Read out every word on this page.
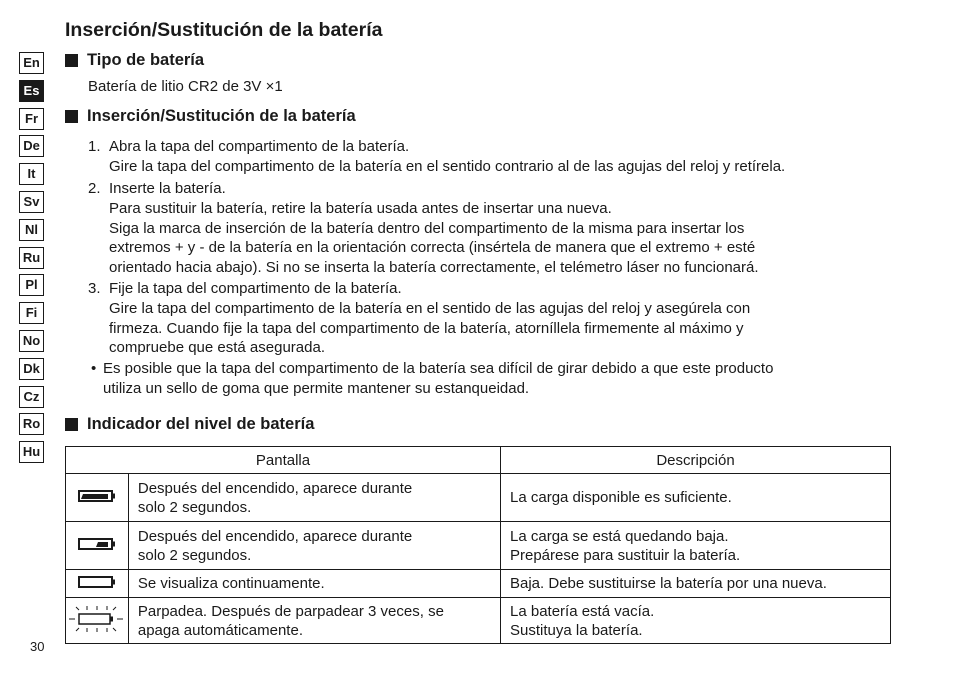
En
Es
Fr
De
It
Sv
Nl
Ru
Pl
Fi
No
Dk
Cz
Ro
Hu
Inserción/Sustitución de la batería
Tipo de batería

Batería de litio CR2 de 3V ×1

Inserción/Sustitución de la batería
1. Abra la tapa del compartimento de la batería.
Gire la tapa del compartimento de la batería en el sentido contrario al de las agujas del reloj y retírela.
2. Inserte la batería.
Para sustituir la batería, retire la batería usada antes de insertar una nueva.
Siga la marca de inserción de la batería dentro del compartimento de la misma para insertar los
extremos + y - de la batería en la orientación correcta (insértela de manera que el extremo + esté
orientado hacia abajo). Si no se inserta la batería correctamente, el telémetro láser no funcionará.
3. Fije la tapa del compartimento de la batería.
Gire la tapa del compartimento de la batería en el sentido de las agujas del reloj y asegúrela con
firmeza. Cuando fije la tapa del compartimento de la batería, atorníllela firmemente al máximo y
compruebe que está asegurada.
• Es posible que la tapa del compartimento de la batería sea difícil de girar debido a que este producto
utiliza un sello de goma que permite mantener su estanqueidad.
Indicador del nivel de batería
Pantalla		Descripción

Después del encendido, aparece durante
solo 2 segundos.	La carga disponible es suficiente.

Después del encendido, aparece durante
solo 2 segundos.	La carga se está quedando baja.
Prepárese para sustituir la batería.

Se visualiza continuamente.	Baja. Debe sustituirse la batería por una nueva.

Parpadea. Después de parpadear 3 veces, se
apaga automáticamente.	La batería está vacía.
Sustituya la batería.
30
